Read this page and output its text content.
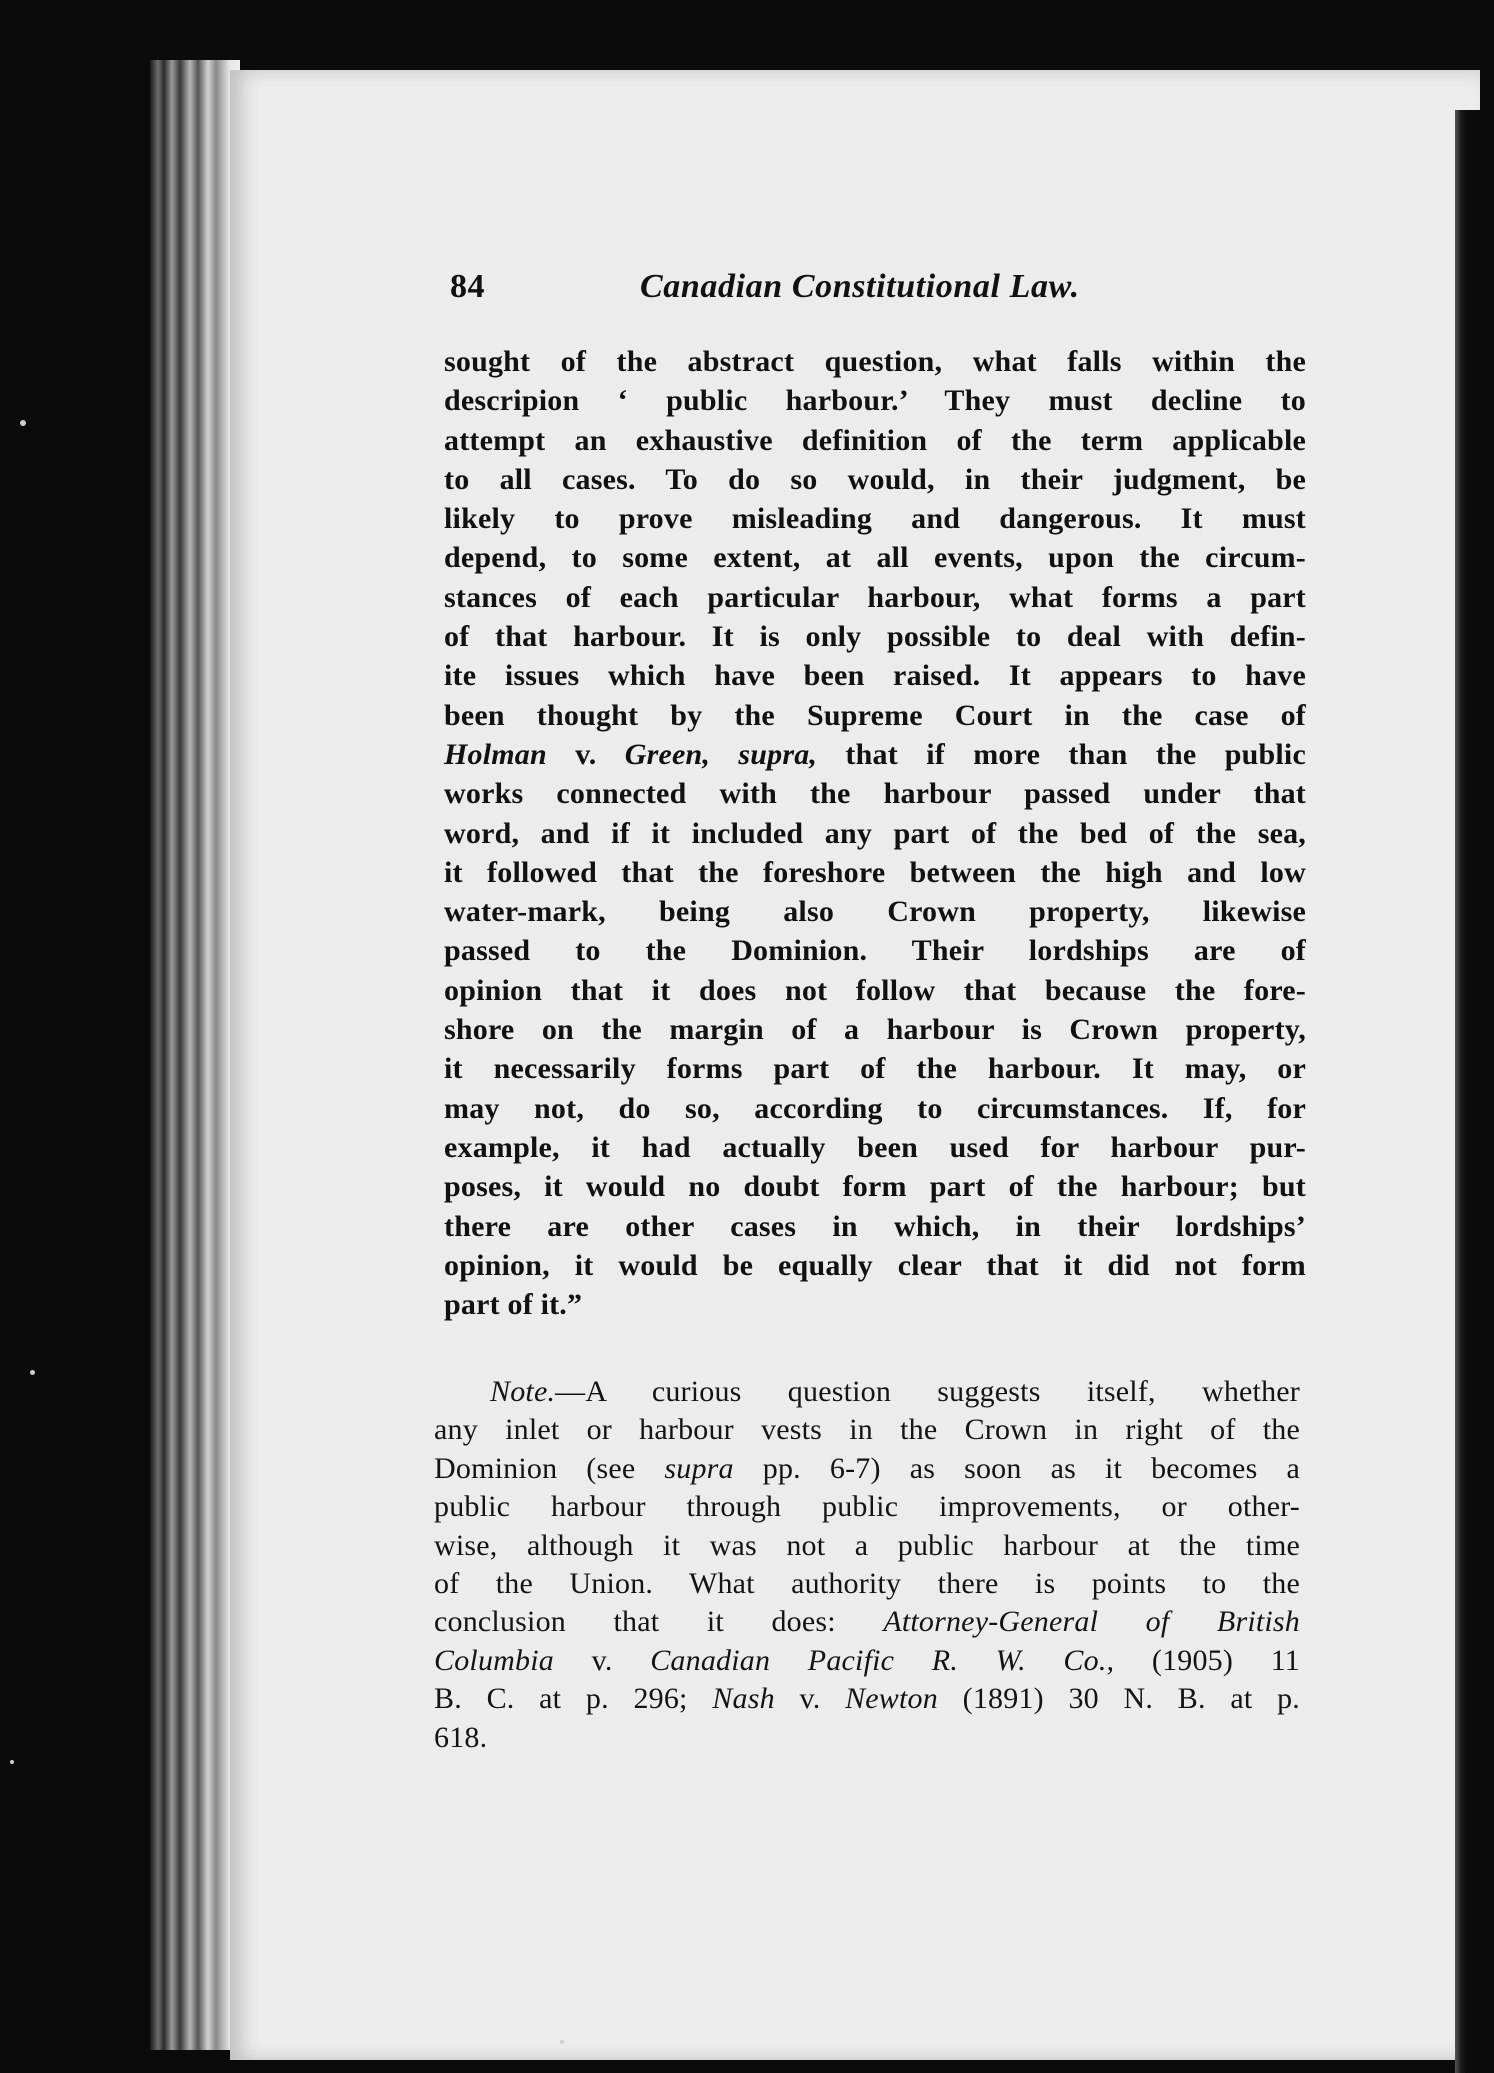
84	Canadian Constitutional Law.
sought of the abstract question, what falls within the
descripion ‘ public harbour.’ They must decline to
attempt an exhaustive definition of the term applicable
to all cases. To do so would, in their judgment, be
likely to prove misleading and dangerous. It must
depend, to some extent, at all events, upon the circum-
stances of each particular harbour, what forms a part
of that harbour. It is only possible to deal with defin-
ite issues which have been raised. It appears to have
been thought by the Supreme Court in the case of
Holman v. Green, supra, that if more than the public
works connected with the harbour passed under that
word, and if it included any part of the bed of the sea,
it followed that the foreshore between the high and low
water-mark, being also Crown property, likewise
passed to the Dominion. Their lordships are of
opinion that it does not follow that because the fore-
shore on the margin of a harbour is Crown property,
it necessarily forms part of the harbour. It may, or
may not, do so, according to circumstances. If, for
example, it had actually been used for harbour pur-
poses, it would no doubt form part of the harbour; but
there are other cases in which, in their lordships’
opinion, it would be equally clear that it did not form
part of it.”
Note.—A curious question suggests itself, whether
any inlet or harbour vests in the Crown in right of the
Dominion (see supra pp. 6-7) as soon as it becomes a
public harbour through public improvements, or other-
wise, although it was not a public harbour at the time
of the Union. What authority there is points to the
conclusion that it does: Attorney-General of British
Columbia v. Canadian Pacific R. W. Co., (1905) 11
B. C. at p. 296; Nash v. Newton (1891) 30 N. B. at p.
618.
